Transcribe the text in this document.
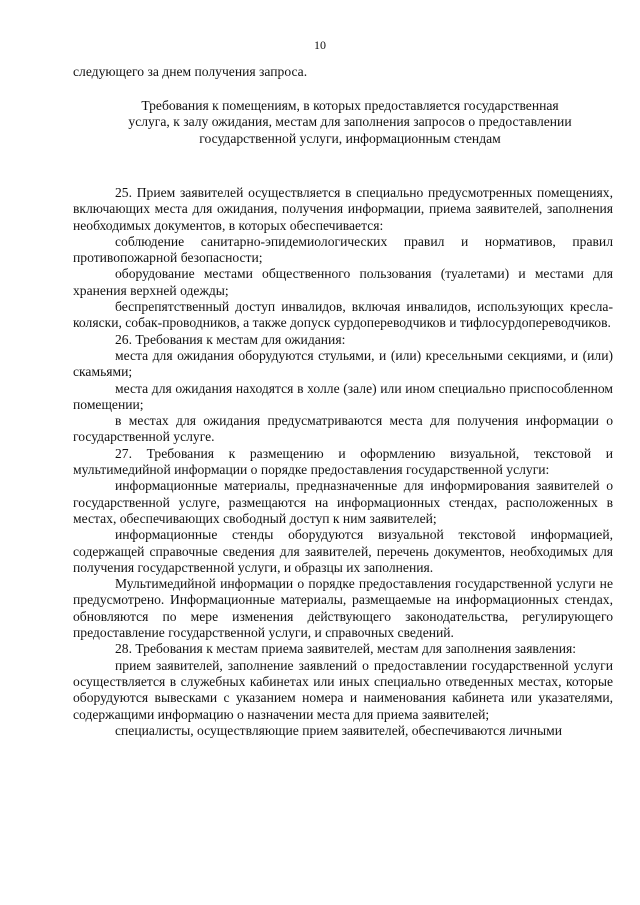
10
следующего за днем получения запроса.
Требования к помещениям, в которых предоставляется государственная услуга, к залу ожидания, местам для заполнения запросов о предоставлении государственной услуги, информационным стендам

25. Прием заявителей осуществляется в специально предусмотренных помещениях, включающих места для ожидания, получения информации, приема заявителей, заполнения необходимых документов, в которых обеспечивается:

соблюдение санитарно-эпидемиологических правил и нормативов, правил противопожарной безопасности;

оборудование местами общественного пользования (туалетами) и местами для хранения верхней одежды;

беспрепятственный доступ инвалидов, включая инвалидов, использующих кресла-коляски, собак-проводников, а также допуск сурдопереводчиков и тифлосурдопереводчиков.

26. Требования к местам для ожидания:

места для ожидания оборудуются стульями, и (или) кресельными секциями, и (или) скамьями;

места для ожидания находятся в холле (зале) или ином специально приспособленном помещении;

в местах для ожидания предусматриваются места для получения информации о государственной услуге.

27. Требования к размещению и оформлению визуальной, текстовой и мультимедийной информации о порядке предоставления государственной услуги:

информационные материалы, предназначенные для информирования заявителей о государственной услуге, размещаются на информационных стендах, расположенных в местах, обеспечивающих свободный доступ к ним заявителей;

информационные стенды оборудуются визуальной текстовой информацией, содержащей справочные сведения для заявителей, перечень документов, необходимых для получения государственной услуги, и образцы их заполнения.

Мультимедийной информации о порядке предоставления государственной услуги не предусмотрено. Информационные материалы, размещаемые на информационных стендах, обновляются по мере изменения действующего законодательства, регулирующего предоставление государственной услуги, и справочных сведений.

28. Требования к местам приема заявителей, местам для заполнения заявления:

прием заявителей, заполнение заявлений о предоставлении государственной услуги осуществляется в служебных кабинетах или иных специально отведенных местах, которые оборудуются вывесками с указанием номера и наименования кабинета или указателями, содержащими информацию о назначении места для приема заявителей;

специалисты, осуществляющие прием заявителей, обеспечиваются личными
